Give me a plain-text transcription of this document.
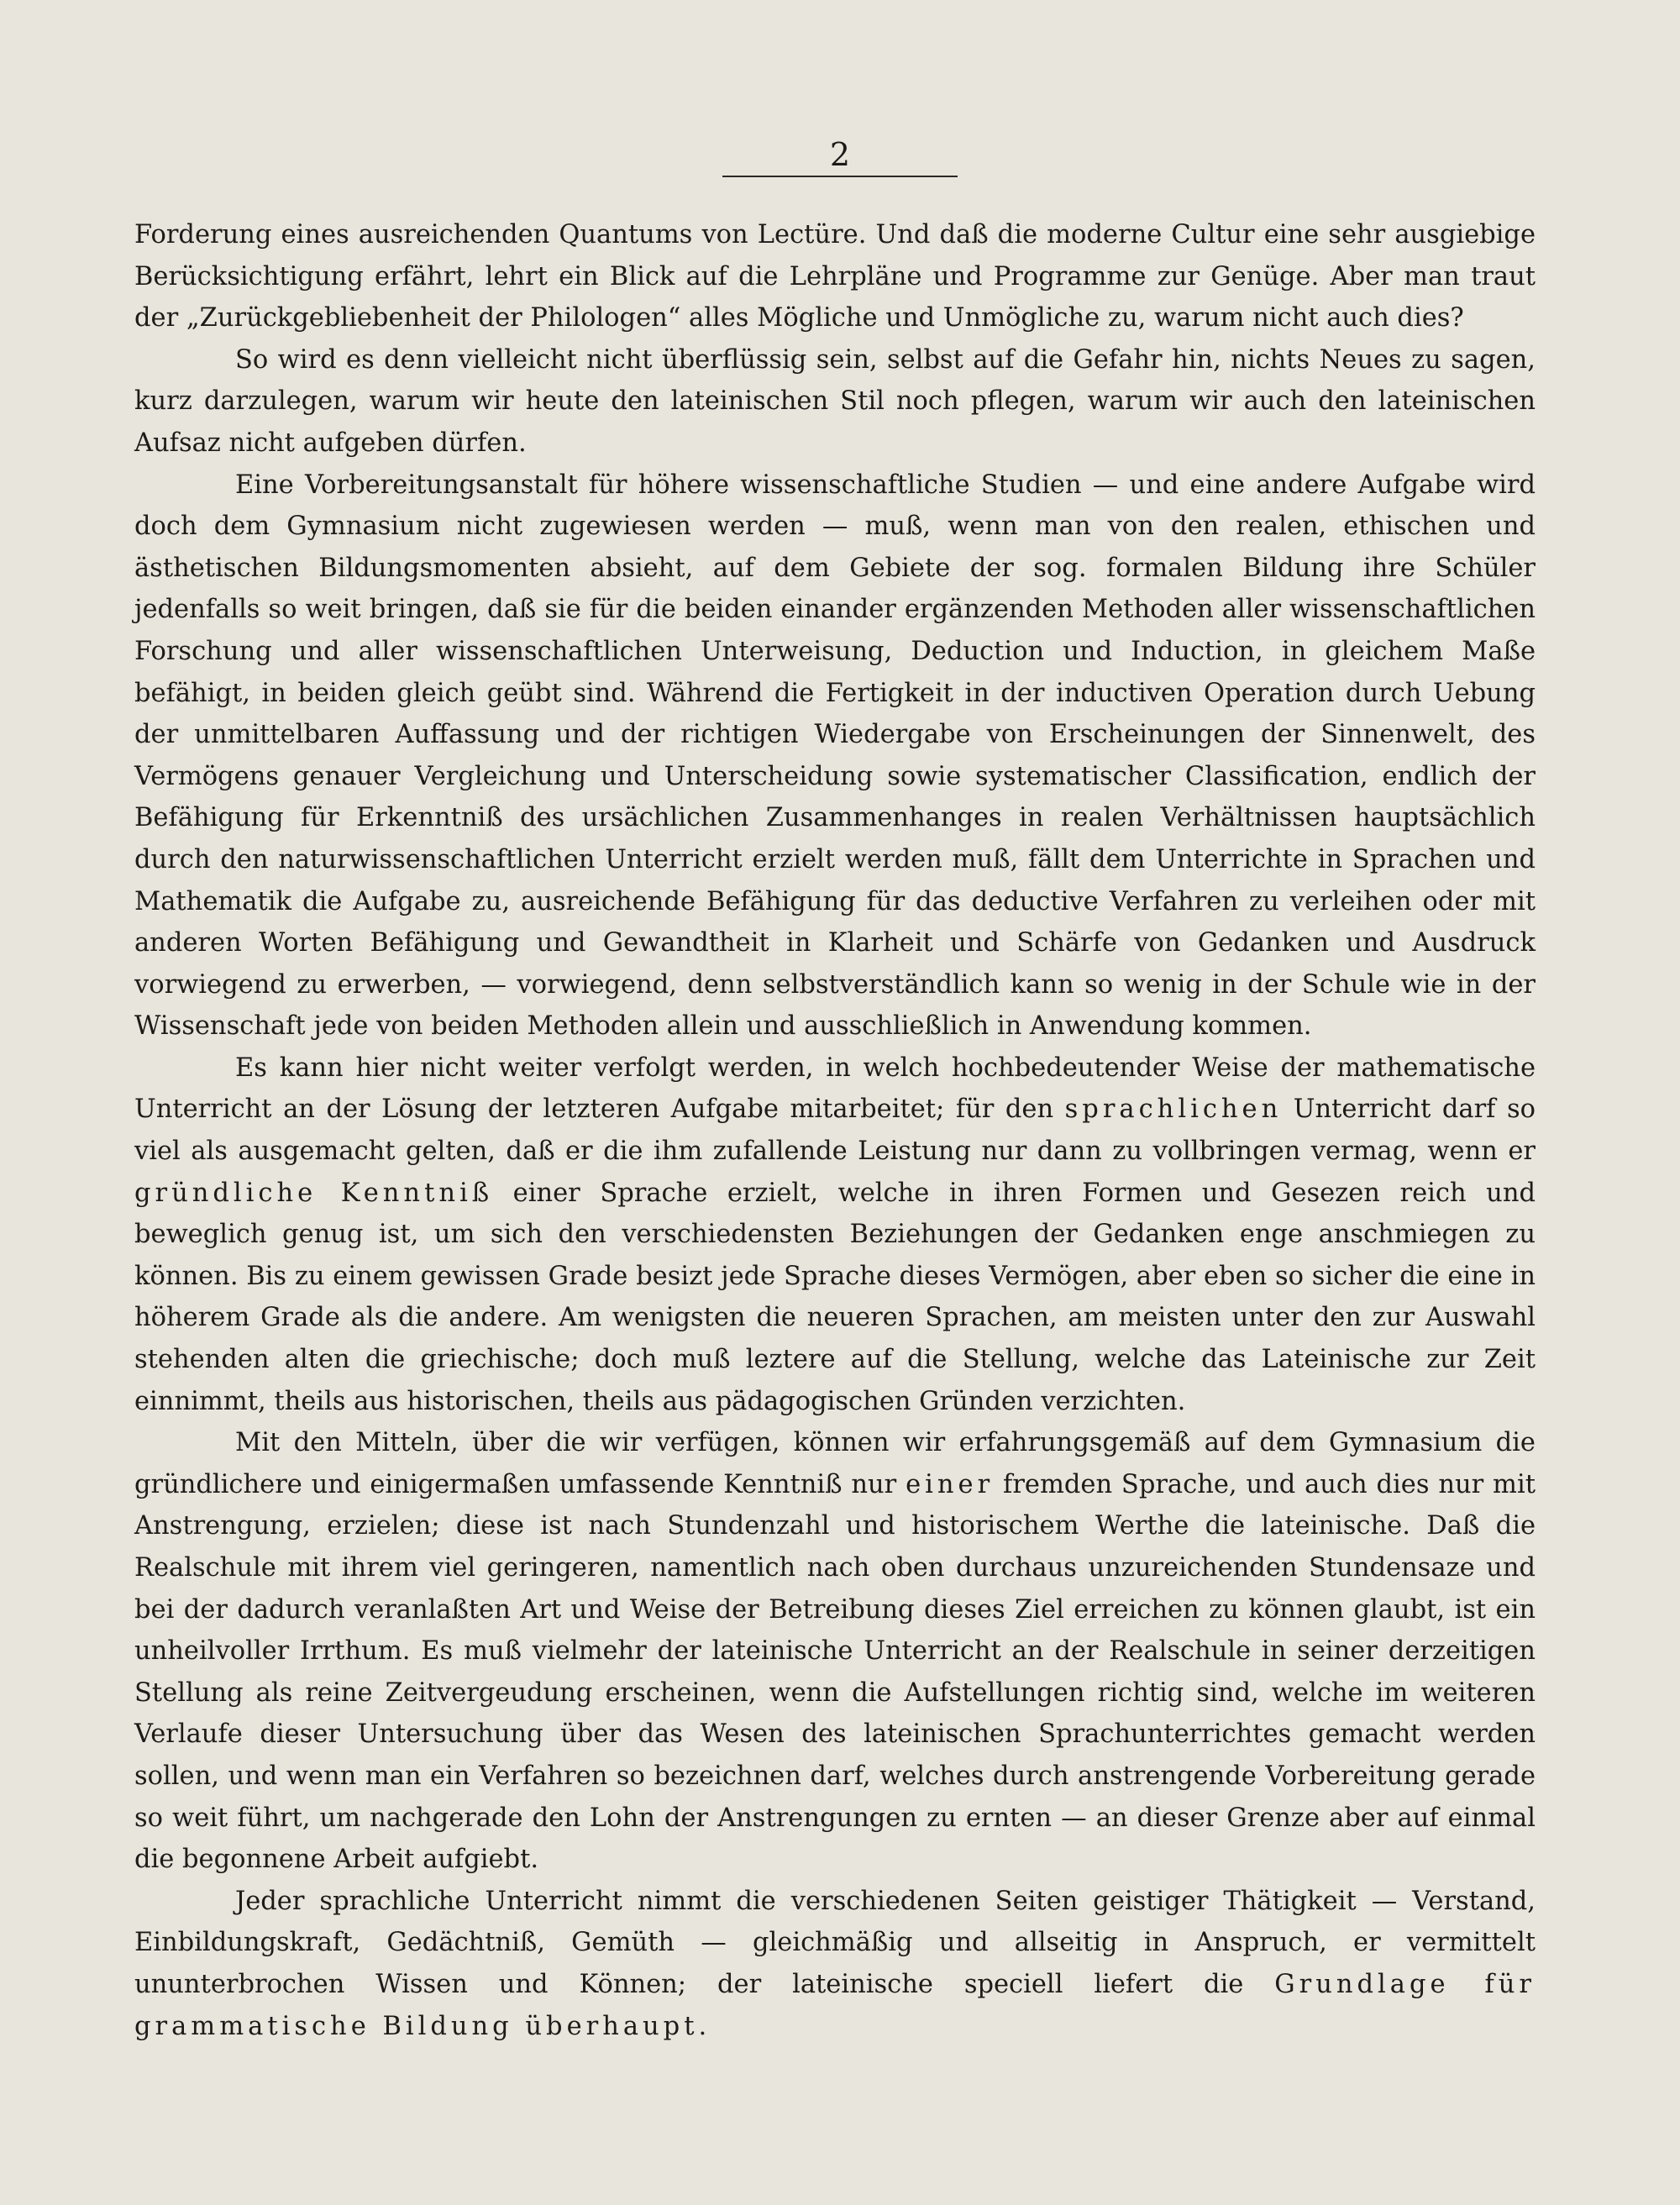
2

Forderung eines ausreichenden Quantums von Lectüre. Und daß die moderne Cultur eine sehr ausgiebige Berücksichtigung erfährt, lehrt ein Blick auf die Lehrpläne und Programme zur Genüge. Aber man traut der „Zurückgebliebenheit der Philologen“ alles Mögliche und Unmögliche zu, warum nicht auch dies?

So wird es denn vielleicht nicht überflüssig sein, selbst auf die Gefahr hin, nichts Neues zu sagen, kurz darzulegen, warum wir heute den lateinischen Stil noch pflegen, warum wir auch den lateinischen Aufsaz nicht aufgeben dürfen.

Eine Vorbereitungsanstalt für höhere wissenschaftliche Studien — und eine andere Aufgabe wird doch dem Gymnasium nicht zugewiesen werden — muß, wenn man von den realen, ethischen und ästhetischen Bildungsmomenten absieht, auf dem Gebiete der sog. formalen Bildung ihre Schüler jedenfalls so weit bringen, daß sie für die beiden einander ergänzenden Methoden aller wissenschaftlichen Forschung und aller wissenschaftlichen Unterweisung, Deduction und Induction, in gleichem Maße befähigt, in beiden gleich geübt sind. Während die Fertigkeit in der inductiven Operation durch Uebung der unmittelbaren Auffassung und der richtigen Wiedergabe von Erscheinungen der Sinnenwelt, des Vermögens genauer Vergleichung und Unterscheidung sowie systematischer Classification, endlich der Befähigung für Erkenntniß des ursächlichen Zusammenhanges in realen Verhältnissen hauptsächlich durch den naturwissenschaftlichen Unterricht erzielt werden muß, fällt dem Unterrichte in Sprachen und Mathematik die Aufgabe zu, ausreichende Befähigung für das deductive Verfahren zu verleihen oder mit anderen Worten Befähigung und Gewandtheit in Klarheit und Schärfe von Gedanken und Ausdruck vorwiegend zu erwerben, — vorwiegend, denn selbstverständlich kann so wenig in der Schule wie in der Wissenschaft jede von beiden Methoden allein und ausschließlich in Anwendung kommen.

Es kann hier nicht weiter verfolgt werden, in welch hochbedeutender Weise der mathematische Unterricht an der Lösung der letzteren Aufgabe mitarbeitet; für den sprachlichen Unterricht darf so viel als ausgemacht gelten, daß er die ihm zufallende Leistung nur dann zu vollbringen vermag, wenn er gründliche Kenntniß einer Sprache erzielt, welche in ihren Formen und Gesezen reich und beweglich genug ist, um sich den verschiedensten Beziehungen der Gedanken enge anschmiegen zu können. Bis zu einem gewissen Grade besizt jede Sprache dieses Vermögen, aber eben so sicher die eine in höherem Grade als die andere. Am wenigsten die neueren Sprachen, am meisten unter den zur Auswahl stehenden alten die griechische; doch muß leztere auf die Stellung, welche das Lateinische zur Zeit einnimmt, theils aus historischen, theils aus pädagogischen Gründen verzichten.

Mit den Mitteln, über die wir verfügen, können wir erfahrungsgemäß auf dem Gymnasium die gründlichere und einigermaßen umfassende Kenntniß nur einer fremden Sprache, und auch dies nur mit Anstrengung, erzielen; diese ist nach Stundenzahl und historischem Werthe die lateinische. Daß die Realschule mit ihrem viel geringeren, namentlich nach oben durchaus unzureichenden Stundensaze und bei der dadurch veranlaßten Art und Weise der Betreibung dieses Ziel erreichen zu können glaubt, ist ein unheilvoller Irrthum. Es muß vielmehr der lateinische Unterricht an der Realschule in seiner derzeitigen Stellung als reine Zeitvergeudung erscheinen, wenn die Aufstellungen richtig sind, welche im weiteren Verlaufe dieser Untersuchung über das Wesen des lateinischen Sprachunterrichtes gemacht werden sollen, und wenn man ein Verfahren so bezeichnen darf, welches durch anstrengende Vorbereitung gerade so weit führt, um nachgerade den Lohn der Anstrengungen zu ernten — an dieser Grenze aber auf einmal die begonnene Arbeit aufgiebt.

Jeder sprachliche Unterricht nimmt die verschiedenen Seiten geistiger Thätigkeit — Verstand, Einbildungskraft, Gedächtniß, Gemüth — gleichmäßig und allseitig in Anspruch, er vermittelt ununterbrochen Wissen und Können; der lateinische speciell liefert die Grundlage für grammatische Bildung überhaupt.
